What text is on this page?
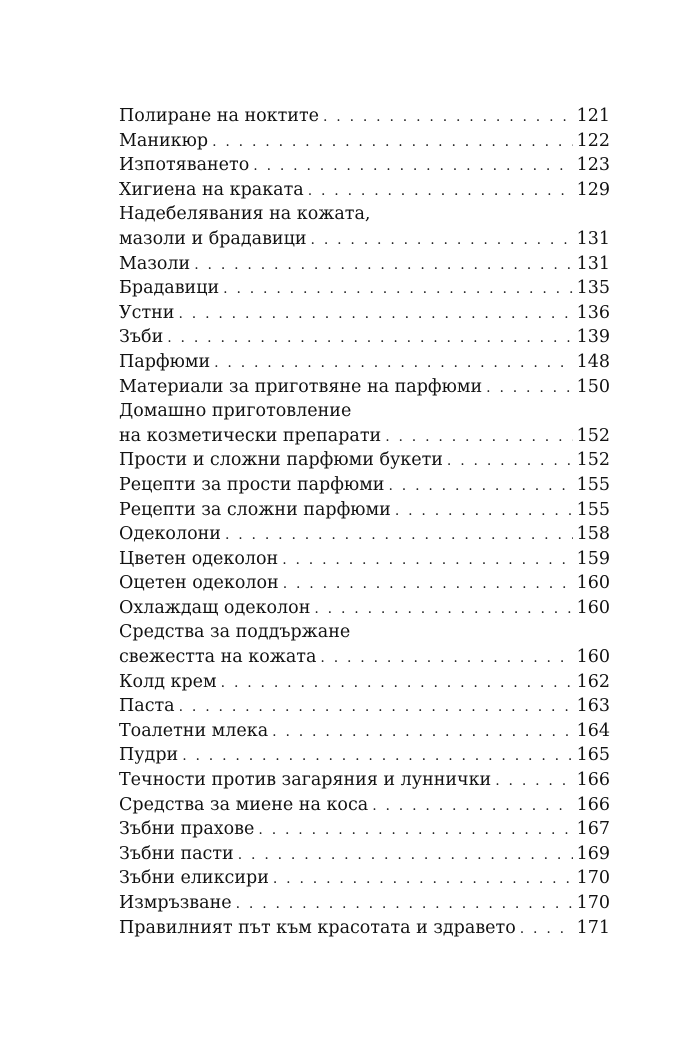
Полиране на ноктите . . .	121
Маникюр . . .	122
Изпотяването . . .	123
Хигиена на краката . . .	129
Надебелявания на кожата,
мазоли и брадавици . . .	131
Мазоли . . .	131
Брадавици . . .	135
Устни . . .	136
Зъби . . .	139
Парфюми . . .	148
Материали за приготвяне на парфюми . . .	150
Домашно приготовление
на козметически препарати . . .	152
Прости и сложни парфюми букети . . .	152
Рецепти за прости парфюми . . .	155
Рецепти за сложни парфюми . . .	155
Одеколони . . .	158
Цветен одеколон . . .	159
Оцетен одеколон . . .	160
Охлаждащ одеколон . . .	160
Средства за поддържане
свежестта на кожата . . .	160
Колд крем . . .	162
Паста . . .	163
Тоалетни млека . . .	164
Пудри . . .	165
Течности против загаряния и луннички . . .	166
Средства за миене на коса . . .	166
Зъбни прахове . . .	167
Зъбни пасти . . .	169
Зъбни еликсири . . .	170
Измръзване . . .	170
Правилният път към красотата и здравето . . .	171
